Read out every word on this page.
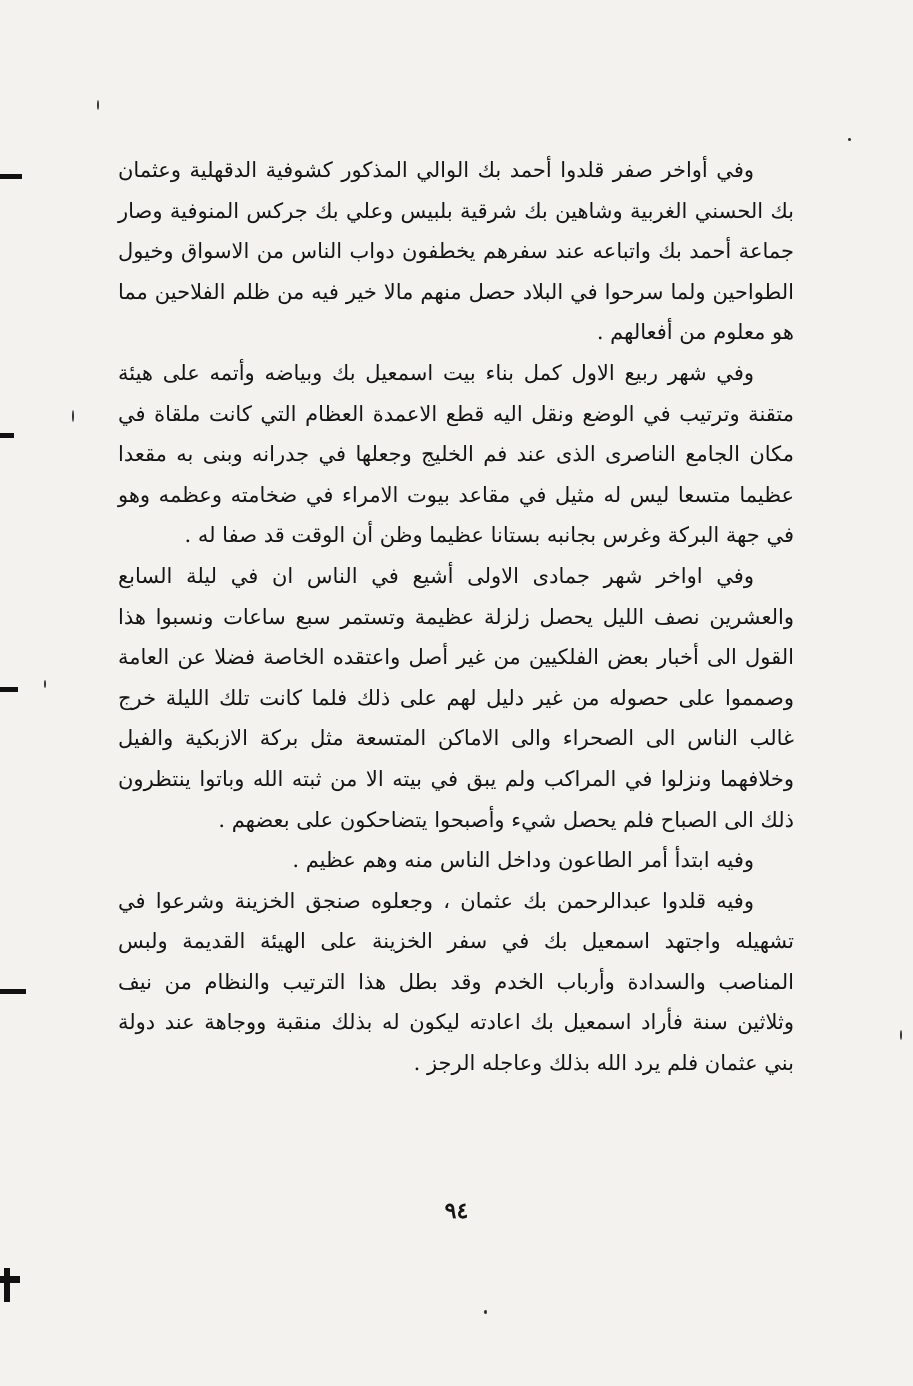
وفي أواخر صفر قلدوا أحمد بك الوالي المذكور كشوفية الدقهلية وعثمان بك الحسني الغربية وشاهين بك شرقية بلبيس وعلي بك جركس المنوفية وصار جماعة أحمد بك واتباعه عند سفرهم يخطفون دواب الناس من الاسواق وخيول الطواحين ولما سرحوا في البلاد حصل منهم مالا خير فيه من ظلم الفلاحين مما هو معلوم من أفعالهم .

وفي شهر ربيع الاول كمل بناء بيت اسمعيل بك وبياضه وأتمه على هيئة متقنة وترتيب في الوضع ونقل اليه قطع الاعمدة العظام التي كانت ملقاة في مكان الجامع الناصرى الذى عند فم الخليج وجعلها في جدرانه وبنى به مقعدا عظيما متسعا ليس له مثيل في مقاعد بيوت الامراء في ضخامته وعظمه وهو في جهة البركة وغرس بجانبه بستانا عظيما وظن أن الوقت قد صفا له .

وفي اواخر شهر جمادى الاولى أشيع في الناس ان في ليلة السابع والعشرين نصف الليل يحصل زلزلة عظيمة وتستمر سبع ساعات ونسبوا هذا القول الى أخبار بعض الفلكيين من غير أصل واعتقده الخاصة فضلا عن العامة وصمموا على حصوله من غير دليل لهم على ذلك فلما كانت تلك الليلة خرج غالب الناس الى الصحراء والى الاماكن المتسعة مثل بركة الازبكية والفيل وخلافهما ونزلوا في المراكب ولم يبق في بيته الا من ثبته الله وباتوا ينتظرون ذلك الى الصباح فلم يحصل شيء وأصبحوا يتضاحكون على بعضهم .

وفيه ابتدأ أمر الطاعون وداخل الناس منه وهم عظيم .

وفيه قلدوا عبدالرحمن بك عثمان ، وجعلوه صنجق الخزينة وشرعوا في تشهيله واجتهد اسمعيل بك في سفر الخزينة على الهيئة القديمة ولبس المناصب والسدادة وأرباب الخدم وقد بطل هذا الترتيب والنظام من نيف وثلاثين سنة فأراد اسمعيل بك اعادته ليكون له بذلك منقبة ووجاهة عند دولة بني عثمان فلم يرد الله بذلك وعاجله الرجز .

٩٤
